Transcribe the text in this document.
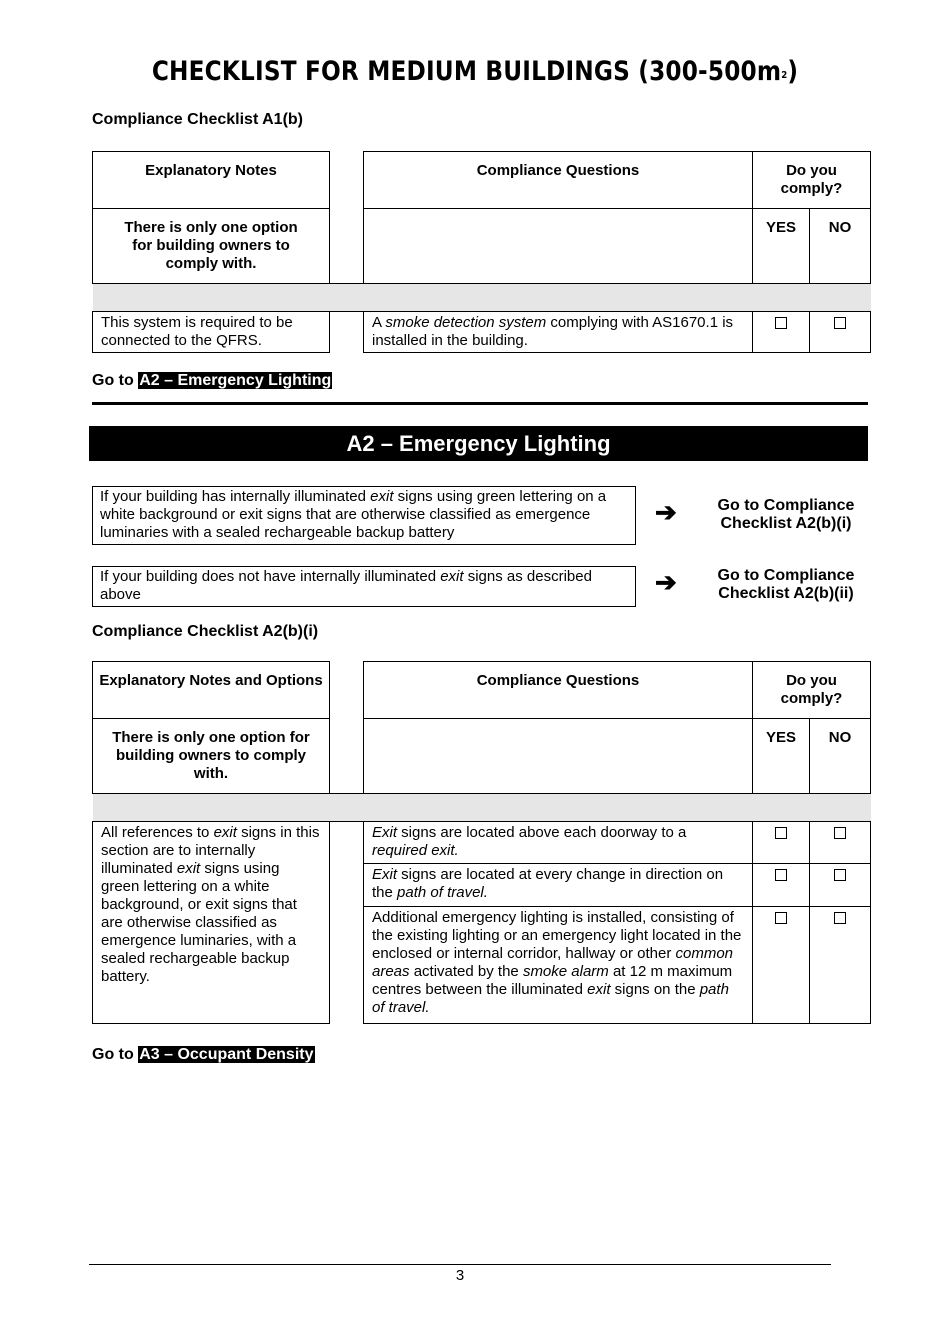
CHECKLIST FOR MEDIUM BUILDINGS $(300-500m^2)$
Compliance Checklist A1(b)
Explanatory Notes		Compliance Questions	Do you comply?	
There is only one option for building owners to comply with.			YES	NO

This system is required to be connected to the QFRS.		A smoke detection system complying with AS1670.1 is installed in the building.		
Go to A2 – Emergency Lighting
A2 – Emergency Lighting
If your building has internally illuminated exit signs using green lettering on a white background or exit signs that are otherwise classified as emergence luminaries with a sealed rechargeable backup battery
➔	Go to Compliance Checklist A2(b)(i)
If your building does not have internally illuminated exit signs as described above	➔	Go to Compliance Checklist A2(b)(ii)
Compliance Checklist A2(b)(i)
Explanatory Notes and Options		Compliance Questions	Do you comply?	
There is only one option for building owners to comply with.			YES	NO

All references to exit signs in this section are to internally illuminated exit signs using green lettering on a white background, or exit signs that are otherwise classified as emergence luminaries, with a sealed rechargeable backup battery.		Exit signs are located above each doorway to a required exit.		
		Exit signs are located at every change in direction on the path of travel.		
		Additional emergency lighting is installed, consisting of the existing lighting or an emergency light located in the enclosed or internal corridor, hallway or other common areas activated by the smoke alarm at 12 m maximum centres between the illuminated exit signs on the path of travel.		
Go to A3 – Occupant Density
3
